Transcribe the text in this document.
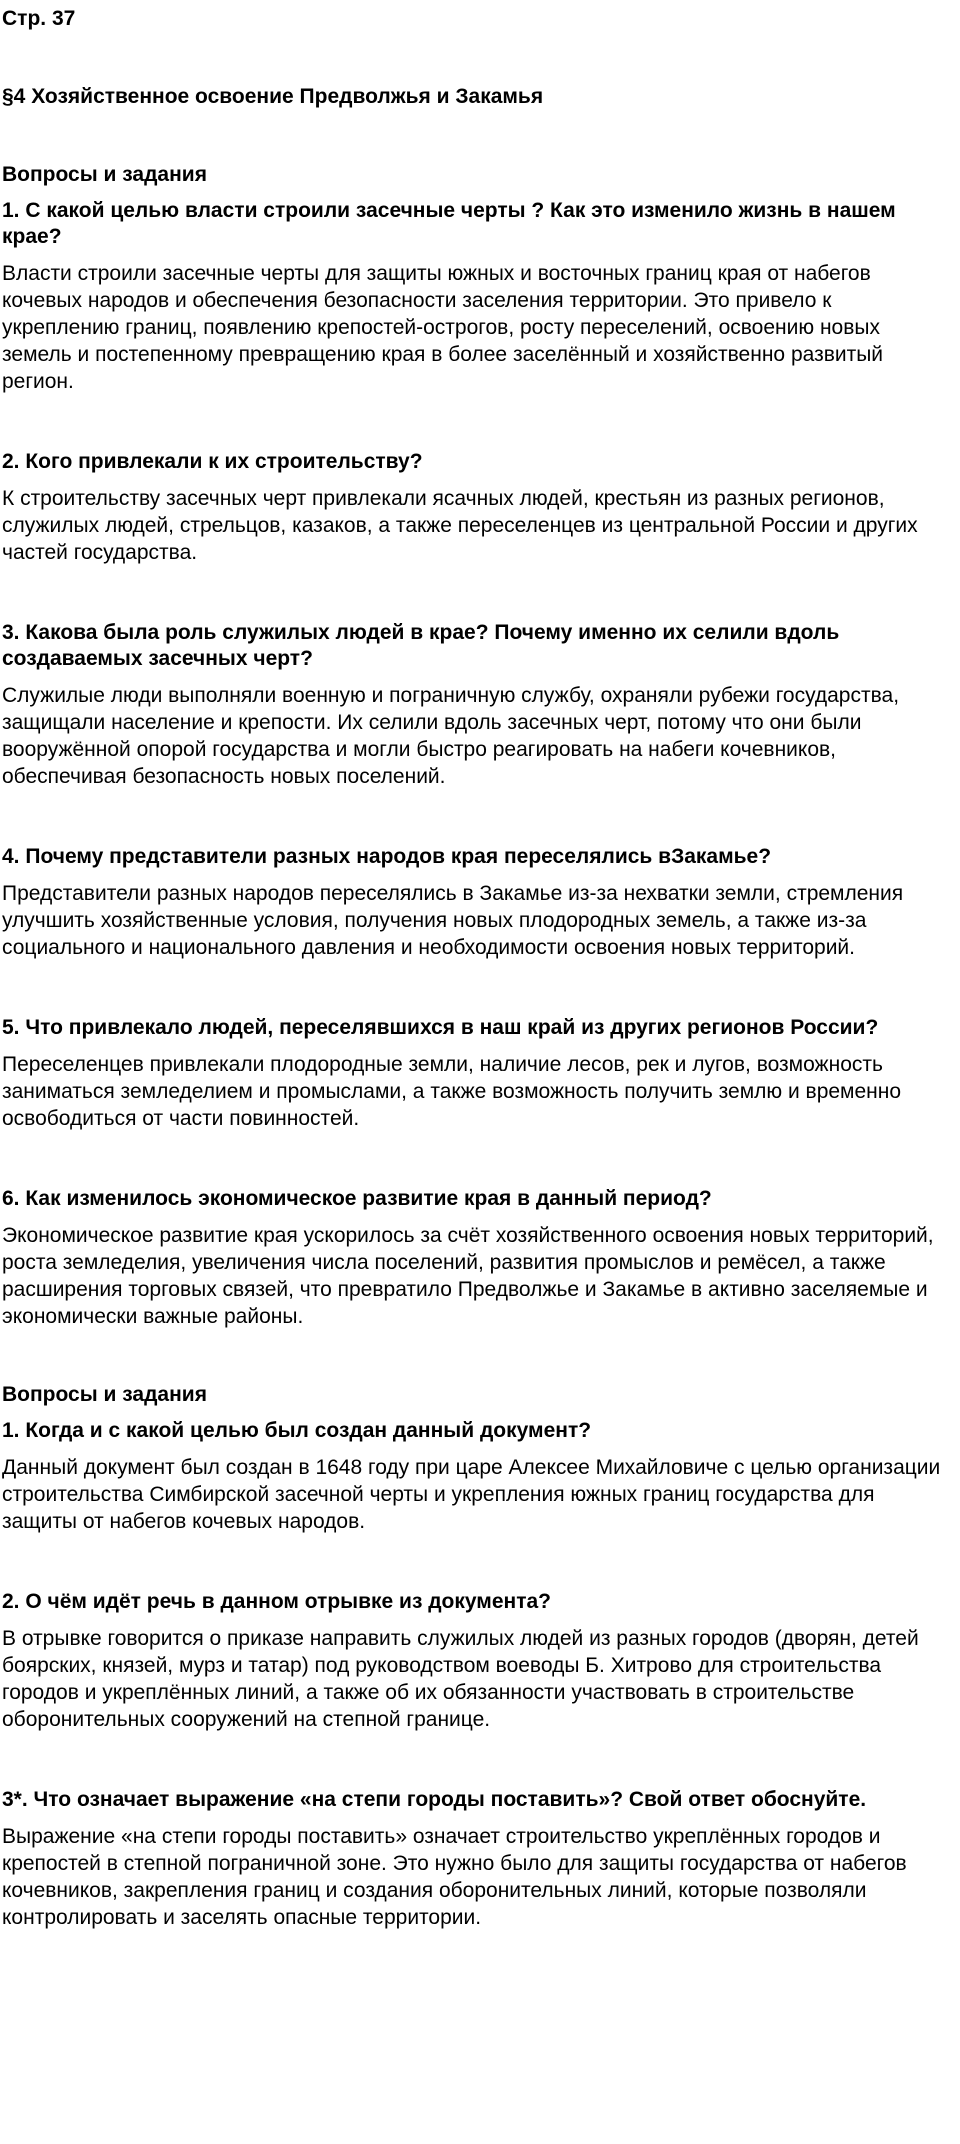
Стр. 37
§4 Хозяйственное освоение Предволжья и Закамья
Вопросы и задания
1. С какой целью власти строили засечные черты ? Как это изменило жизнь в нашем крае?
Власти строили засечные черты для защиты южных и восточных границ края от набегов кочевых народов и обеспечения безопасности заселения территории. Это привело к укреплению границ, появлению крепостей-острогов, росту переселений, освоению новых земель и постепенному превращению края в более заселённый и хозяйственно развитый регион.
2. Кого привлекали к их строительству?
К строительству засечных черт привлекали ясачных людей, крестьян из разных регионов, служилых людей, стрельцов, казаков, а также переселенцев из центральной России и других частей государства.
3. Какова была роль служилых людей в крае? Почему именно их селили вдоль создаваемых засечных черт?
Служилые люди выполняли военную и пограничную службу, охраняли рубежи государства, защищали население и крепости. Их селили вдоль засечных черт, потому что они были вооружённой опорой государства и могли быстро реагировать на набеги кочевников, обеспечивая безопасность новых поселений.
4. Почему представители разных народов края переселялись вЗакамье?
Представители разных народов переселялись в Закамье из-за нехватки земли, стремления улучшить хозяйственные условия, получения новых плодородных земель, а также из-за социального и национального давления и необходимости освоения новых территорий.
5. Что привлекало людей, переселявшихся в наш край из других регионов России?
Переселенцев привлекали плодородные земли, наличие лесов, рек и лугов, возможность заниматься земледелием и промыслами, а также возможность получить землю и временно освободиться от части повинностей.
6. Как изменилось экономическое развитие края в данный период?
Экономическое развитие края ускорилось за счёт хозяйственного освоения новых территорий, роста земледелия, увеличения числа поселений, развития промыслов и ремёсел, а также расширения торговых связей, что превратило Предволжье и Закамье в активно заселяемые и экономически важные районы.
Вопросы и задания
1. Когда и с какой целью был создан данный документ?
Данный документ был создан в 1648 году при царе Алексее Михайловиче с целью организации строительства Симбирской засечной черты и укрепления южных границ государства для защиты от набегов кочевых народов.
2. О чём идёт речь в данном отрывке из документа?
В отрывке говорится о приказе направить служилых людей из разных городов (дворян, детей боярских, князей, мурз и татар) под руководством воеводы Б. Хитрово для строительства городов и укреплённых линий, а также об их обязанности участвовать в строительстве оборонительных сооружений на степной границе.
3*. Что означает выражение «на степи городы поставить»? Свой ответ обоснуйте.
Выражение «на степи городы поставить» означает строительство укреплённых городов и крепостей в степной пограничной зоне. Это нужно было для защиты государства от набегов кочевников, закрепления границ и создания оборонительных линий, которые позволяли контролировать и заселять опасные территории.
